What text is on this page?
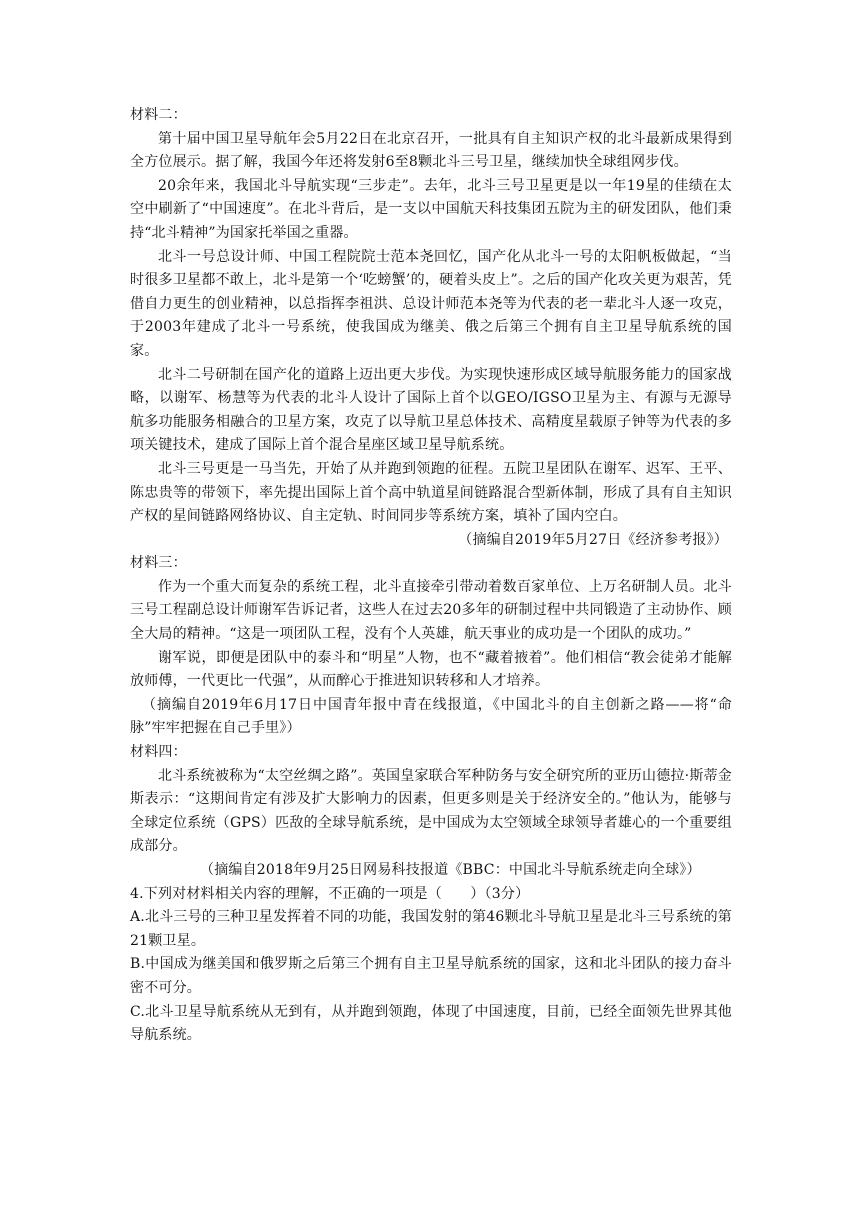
材料二：

第十届中国卫星导航年会5月22日在北京召开，一批具有自主知识产权的北斗最新成果得到全方位展示。据了解，我国今年还将发射6至8颗北斗三号卫星，继续加快全球组网步伐。

20余年来，我国北斗导航实现“三步走”。去年，北斗三号卫星更是以一年19星的佳绩在太空中刷新了“中国速度”。在北斗背后，是一支以中国航天科技集团五院为主的研发团队，他们秉持“北斗精神”为国家托举国之重器。

北斗一号总设计师、中国工程院院士范本尧回忆，国产化从北斗一号的太阳帆板做起，“当时很多卫星都不敢上，北斗是第一个‘吃螃蟹’的，硬着头皮上”。之后的国产化攻关更为艰苦，凭借自力更生的创业精神，以总指挥李祖洪、总设计师范本尧等为代表的老一辈北斗人逐一攻克，于2003年建成了北斗一号系统，使我国成为继美、俄之后第三个拥有自主卫星导航系统的国家。

北斗二号研制在国产化的道路上迈出更大步伐。为实现快速形成区域导航服务能力的国家战略，以谢军、杨慧等为代表的北斗人设计了国际上首个以GEO/IGSO卫星为主、有源与无源导航多功能服务相融合的卫星方案，攻克了以导航卫星总体技术、高精度星载原子钟等为代表的多项关键技术，建成了国际上首个混合星座区域卫星导航系统。

北斗三号更是一马当先，开始了从并跑到领跑的征程。五院卫星团队在谢军、迟军、王平、陈忠贵等的带领下，率先提出国际上首个高中轨道星间链路混合型新体制，形成了具有自主知识产权的星间链路网络协议、自主定轨、时间同步等系统方案，填补了国内空白。

（摘编自2019年5月27日《经济参考报》）

材料三：

作为一个重大而复杂的系统工程，北斗直接牵引带动着数百家单位、上万名研制人员。北斗三号工程副总设计师谢军告诉记者，这些人在过去20多年的研制过程中共同锻造了主动协作、顾全大局的精神。“这是一项团队工程，没有个人英雄，航天事业的成功是一个团队的成功。”

谢军说，即便是团队中的泰斗和“明星”人物，也不“藏着掖着”。他们相信“教会徒弟才能解放师傅，一代更比一代强”，从而醉心于推进知识转移和人才培养。

（摘编自2019年6月17日中国青年报中青在线报道，《中国北斗的自主创新之路——将“命脉”牢牢把握在自己手里》）

材料四：

北斗系统被称为“太空丝绸之路”。英国皇家联合军种防务与安全研究所的亚历山德拉·斯蒂金斯表示：“这期间肯定有涉及扩大影响力的因素，但更多则是关于经济安全的。”他认为，能够与全球定位系统（GPS）匹敌的全球导航系统，是中国成为太空领域全球领导者雄心的一个重要组成部分。

（摘编自2018年9月25日网易科技报道《BBC：中国北斗导航系统走向全球》）

4.下列对材料相关内容的理解，不正确的一项是（　　）（3分）

A.北斗三号的三种卫星发挥着不同的功能，我国发射的第46颗北斗导航卫星是北斗三号系统的第21颗卫星。

B.中国成为继美国和俄罗斯之后第三个拥有自主卫星导航系统的国家，这和北斗团队的接力奋斗密不可分。

C.北斗卫星导航系统从无到有，从并跑到领跑，体现了中国速度，目前，已经全面领先世界其他导航系统。
